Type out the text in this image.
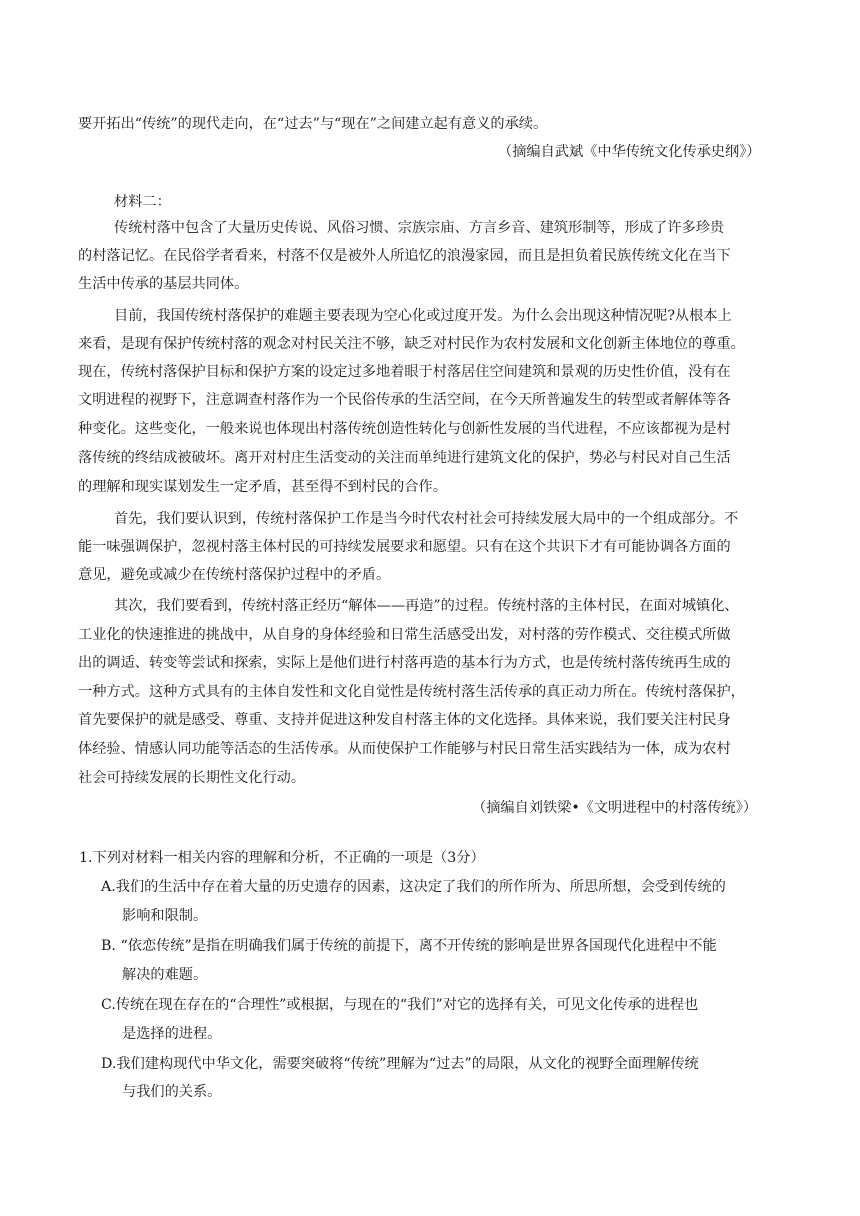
要开拓出“传统”的现代走向，在“过去”与“现在”之间建立起有意义的承续。
（摘编自武斌《中华传统文化传承史纲》）
材料二：
传统村落中包含了大量历史传说、风俗习惯、宗族宗庙、方言乡音、建筑形制等，形成了许多珍贵
的村落记忆。在民俗学者看来，村落不仅是被外人所追忆的浪漫家园，而且是担负着民族传统文化在当下
生活中传承的基层共同体。
目前，我国传统村落保护的难题主要表现为空心化或过度开发。为什么会出现这种情况呢?从根本上
来看，是现有保护传统村落的观念对村民关注不够，缺乏对村民作为农村发展和文化创新主体地位的尊重。
现在，传统村落保护目标和保护方案的设定过多地着眼于村落居住空间建筑和景观的历史性价值，没有在
文明进程的视野下，注意调查村落作为一个民俗传承的生活空间，在今天所普遍发生的转型或者解体等各
种变化。这些变化，一般来说也体现出村落传统创造性转化与创新性发展的当代进程，不应该都视为是村
落传统的终结成被破坏。离开对村庄生活变动的关注而单纯进行建筑文化的保护，势必与村民对自己生活
的理解和现实谋划发生一定矛盾，甚至得不到村民的合作。
首先，我们要认识到，传统村落保护工作是当今时代农村社会可持续发展大局中的一个组成部分。不
能一味强调保护，忽视村落主体村民的可持续发展要求和愿望。只有在这个共识下才有可能协调各方面的
意见，避免或减少在传统村落保护过程中的矛盾。
其次，我们要看到，传统村落正经历“解体——再造”的过程。传统村落的主体村民，在面对城镇化、
工业化的快速推进的挑战中，从自身的身体经验和日常生活感受出发，对村落的劳作模式、交往模式所做
出的调适、转变等尝试和探索，实际上是他们进行村落再造的基本行为方式，也是传统村落传统再生成的
一种方式。这种方式具有的主体自发性和文化自觉性是传统村落生活传承的真正动力所在。传统村落保护，
首先要保护的就是感受、尊重、支持并促进这种发自村落主体的文化选择。具体来说，我们要关注村民身
体经验、情感认同功能等活态的生活传承。从而使保护工作能够与村民日常生活实践结为一体，成为农村
社会可持续发展的长期性文化行动。
（摘编自刘铁梁•《文明进程中的村落传统》）
1.下列对材料一相关内容的理解和分析，不正确的一项是（3分）
A.我们的生活中存在着大量的历史遗存的因素，这决定了我们的所作所为、所思所想，会受到传统的
影响和限制。
B. “依恋传统”是指在明确我们属于传统的前提下，离不开传统的影响是世界各国现代化进程中不能
解决的难题。
C.传统在现在存在的“合理性”或根据，与现在的“我们”对它的选择有关，可见文化传承的进程也
是选择的进程。
D.我们建构现代中华文化，需要突破将“传统”理解为“过去”的局限，从文化的视野全面理解传统
与我们的关系。
